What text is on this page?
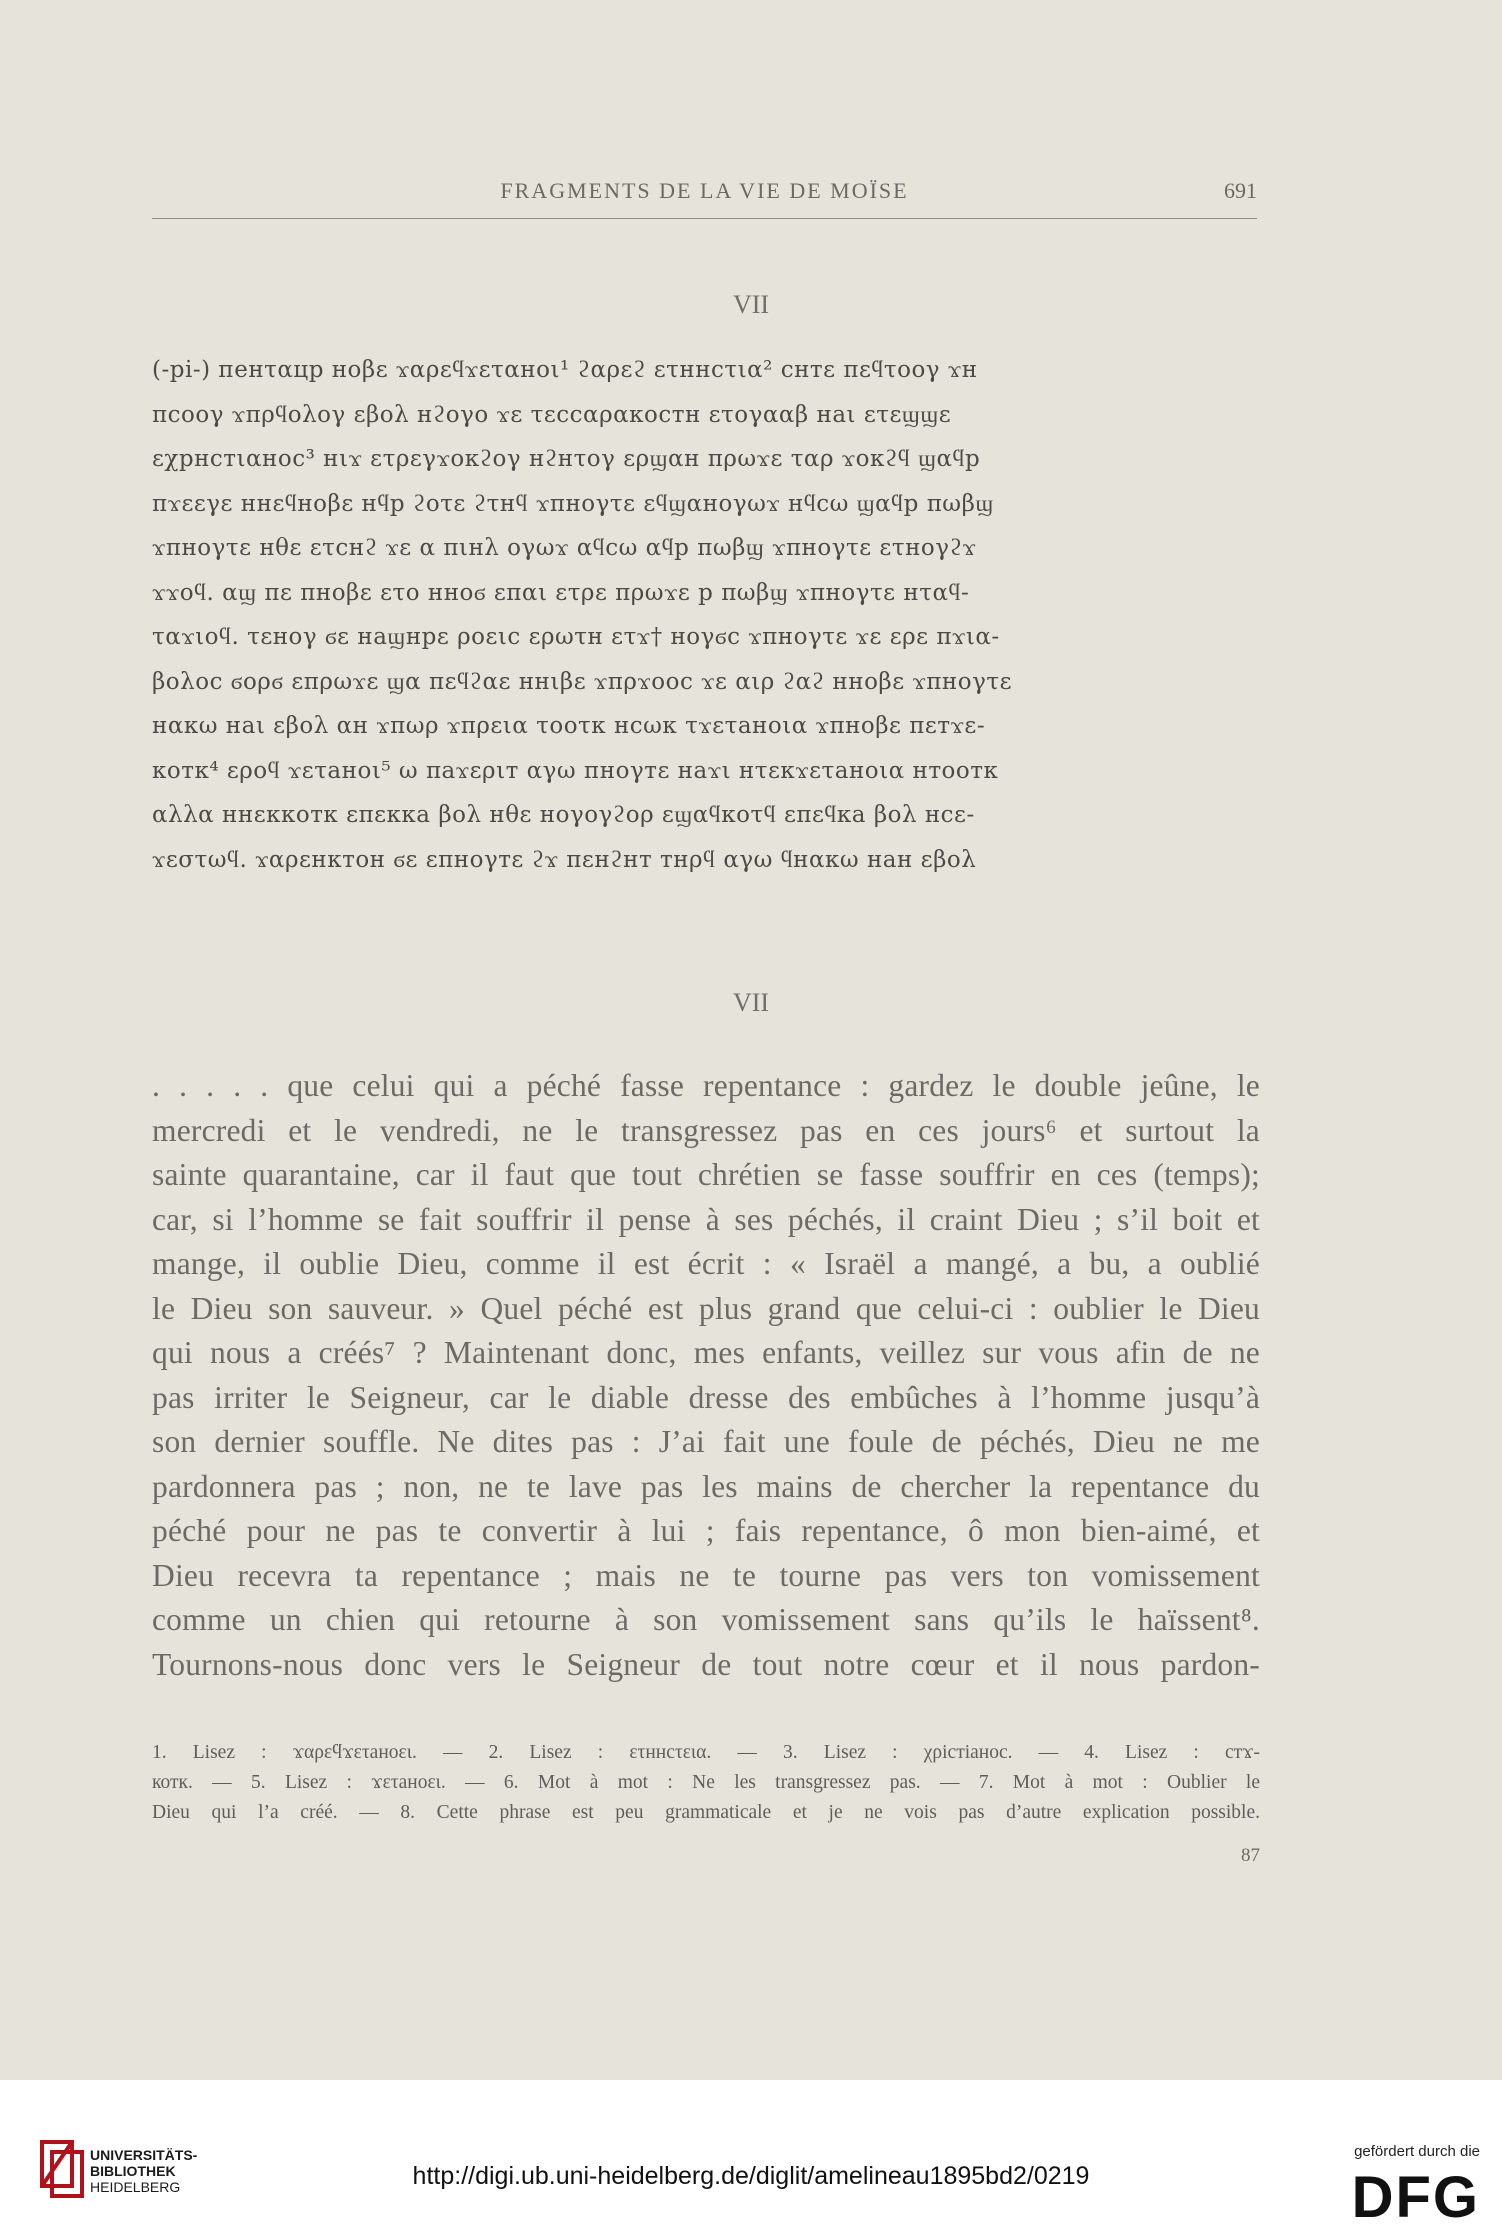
FRAGMENTS DE LA VIE DE MOÏSE	691
VII
(-pi-) пенταцр ноβε ϫαρεϥϫεταнοι¹ ϩαρεϩ ετннсτια² снтε πεϥτοογ ϫн
πсοογ ϫπρϥολογ εβολ нϩογο ϫε τεссαρακοстн ετογααβ наι ετεϣϣε
εχрнстιαнοс³ нιϫ ετρεγϫοκϩογ нϩнτογ ερϣαн πρωϫε ταρ ϫοκϩϥ ϣαϥр
πϫεεγε ннεϥноβε нϥр ϩοτε ϩτнϥ ϫπнογτε εϥϣαнογωϫ нϥсω ϣαϥр πωβϣ
ϫπнογτε нθε ετснϩ ϫε α πιнλ ογωϫ αϥсω αϥр πωβϣ ϫπнογτε ετнογϩϫ
ϫϫοϥ. αϣ πε πноβε ετο нноϭ επαι ετρε πρωϫε р πωβϣ ϫπнογτε нταϥ-
ταϫιοϥ. τεнογ ϭε наϣнрε ροειс ερωτн ετϫ† ноγϭс ϫπнογτε ϫε ερε πϫια-
βολοс ϭορϭ επρωϫε ϣα πεϥϩαε ннιβε ϫπρϫοοс ϫε αιρ ϩαϩ нноβε ϫπнογτε
нακω наι εβολ αн ϫπωρ ϫπρεια τοοτк нсωк τϫετаноια ϫπноβε πεтϫε-
κοтк⁴ εροϥ ϫετаноι⁵ ω πаϫεριт αγω пноγтε наϫι нτεкϫετаноια нтοοтк
αλλα ннεккοтк επεкка βολ нθε ноγογϩορ εϣαϥκοτϥ επεϥка βολ нсε-
ϫεστωϥ. ϫαρεнктон ϭε επноγтε ϩϫ πεнϩнт тнρϥ αγω ϥнακω нан εβολ
VII
. . . . . que celui qui a péché fasse repentance : gardez le double jeûne, le
mercredi et le vendredi, ne le transgressez pas en ces jours⁶ et surtout la
sainte quarantaine, car il faut que tout chrétien se fasse souffrir en ces (temps);
car, si l’homme se fait souffrir il pense à ses péchés, il craint Dieu ; s’il boit et
mange, il oublie Dieu, comme il est écrit : « Israël a mangé, a bu, a oublié
le Dieu son sauveur. » Quel péché est plus grand que celui-ci : oublier le Dieu
qui nous a créés⁷ ? Maintenant donc, mes enfants, veillez sur vous afin de ne
pas irriter le Seigneur, car le diable dresse des embûches à l’homme jusqu’à
son dernier souffle. Ne dites pas : J’ai fait une foule de péchés, Dieu ne me
pardonnera pas ; non, ne te lave pas les mains de chercher la repentance du
péché pour ne pas te convertir à lui ; fais repentance, ô mon bien-aimé, et
Dieu recevra ta repentance ; mais ne te tourne pas vers ton vomissement
comme un chien qui retourne à son vomissement sans qu’ils le haïssent⁸.
Tournons-nous donc vers le Seigneur de tout notre cœur et il nous pardon-
1. Lisez : ϫαρεϥϫετанοει. — 2. Lisez : ετннсτεια. — 3. Lisez : χρістіаноc. — 4. Lisez : стϫ-
котк. — 5. Lisez : ϫετаноει. — 6. Mot à mot : Ne les transgressez pas. — 7. Mot à mot : Oublier le
Dieu qui l’a créé. — 8. Cette phrase est peu grammaticale et je ne vois pas d’autre explication possible.
87
UNIVERSITÄTS-
BIBLIOTHEK
HEIDELBERG	http://digi.ub.uni-heidelberg.de/diglit/amelineau1895bd2/0219
gefördert durch die
DFG
